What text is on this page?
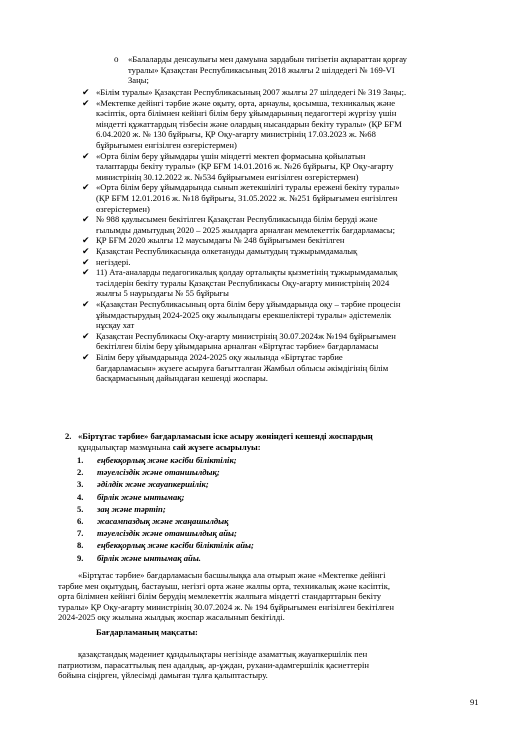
o «Балаларды денсаулығы мен дамуына зардабын тигізетін ақпараттан қорғау
туралы» Қазақстан Республикасының 2018 жылғы 2 шілдедегі № 169-VI
Заңы;
✔ «Білім туралы» Қазақстан Республикасының 2007 жылғы 27 шілдедегі № 319 Заңы;.
✔ «Мектепке дейінгі тәрбие және оқыту, орта, арнаулы, қосымша, техникалық және
кәсіптік, орта білімнен кейінгі білім беру ұйымдарының педагогтері жүргізу үшін
міндетті құжаттардың тізбесін және олардың нысандарын бекіту туралы» (ҚР БҒМ
6.04.2020 ж. № 130 бұйрығы, ҚР Оқу-ағарту министрінің 17.03.2023 ж. №68
бұйрығымен енгізілген өзгерістермен)
✔ «Орта білім беру ұйымдары үшін міндетті мектеп формасына қойылатын
талаптарды бекіту туралы» (ҚР БҒМ 14.01.2016 ж. №26 бұйрығы, ҚР Оқу-ағарту
министрінің 30.12.2022 ж. №534 бұйрығымен енгізілген өзгерістермен)
✔ «Орта білім беру ұйымдарында сынып жетекшілігі туралы ережені бекіту туралы»
(ҚР БҒМ 12.01.2016 ж. №18 бұйрығы, 31.05.2022 ж. №251 бұйрығымен енгізілген
өзгерістермен)
✔ № 988 қаулысымен бекітілген Қазақстан Республикасында білім беруді және
ғылымды дамытудың 2020 – 2025 жылдарға арналған мемлекеттік бағдарламасы;
✔ ҚР БҒМ 2020 жылғы 12 маусымдағы № 248 бұйрығымен бекітілген
✔ Қазақстан Республикасында өлкетануды дамытудың тұжырымдамалық
✔ негіздері.
✔ 11) Ата-аналарды педагогикалық қолдау орталықты қызметінің тұжырымдамалық
тәсілдерін бекіту туралы Қазақстан Республикасы Оқу-ағарту министрінің 2024
жылғы 5 наурыздағы № 55 бұйрығы
✔ «Қазақстан Республикасының орта білім беру ұйымдарында оқу – тәрбие процесін
ұйымдастырудың 2024-2025 оқу жылындағы ерекшеліктері туралы» әдістемелік
нұсқау хат
✔ Қазақстан Республикасы Оқу-ағарту министрінің 30.07.2024ж №194 бұйрығымен
бекітілген білім беру ұйымдарына арналған «Біртұтас тәрбие» бағдарламасы
✔ Білім беру ұйымдарында 2024-2025 оқу жылында «Біртұтас тәрбие
бағдарламасын» жүзеге асыруға бағытталған Жамбыл облысы әкімдігінің білім
басқармасының дайындаған кешенді жоспары.
2. «Біртұтас тәрбие» бағдарламасын іске асыру жөніндегі кешенді жоспардың
құндылықтар мазмұнына сай жүзеге асырылуы:
1. еңбекқорлық және кәсіби біліктілік;
2. тәуелсіздік және отаншылдық;
3. әділдік және жауапкершілік;
4. бірлік және ынтымақ;
5. заң және тәртіп;
6. жасампаздық және жаңашылдық
7. тәуелсіздік және отаншылдық айы;
8. еңбекқорлық және кәсіби біліктілік айы;
9. бірлік және ынтымақ айы.
«Біртұтас тәрбие» бағдарламасын басшылыққа ала отырып және «Мектепке дейінгі
тәрбие мен оқытудың, бастауыш, негізгі орта және жалпы орта, техникалық және кәсіптік,
орта білімнен кейінгі білім берудің мемлекеттік жалпыға міндетті стандарттарын бекіту
туралы» ҚР Оқу-ағарту министрінің 30.07.2024 ж. № 194 бұйрығымен енгізілген бекітілген
2024-2025 оқу жылына жылдық жоспар жасалынып бекітілді.
Бағдарламаның мақсаты:
қазақстандық мәдениет құндылықтары негізінде азаматтық жауапкершілік пен
патриотизм, парасаттылық пен адалдық, ар-ұждан, рухани-адамгершілік қасиеттерін
бойына сіңірген, үйлесімді дамыған тұлға қалыптастыру.
91
